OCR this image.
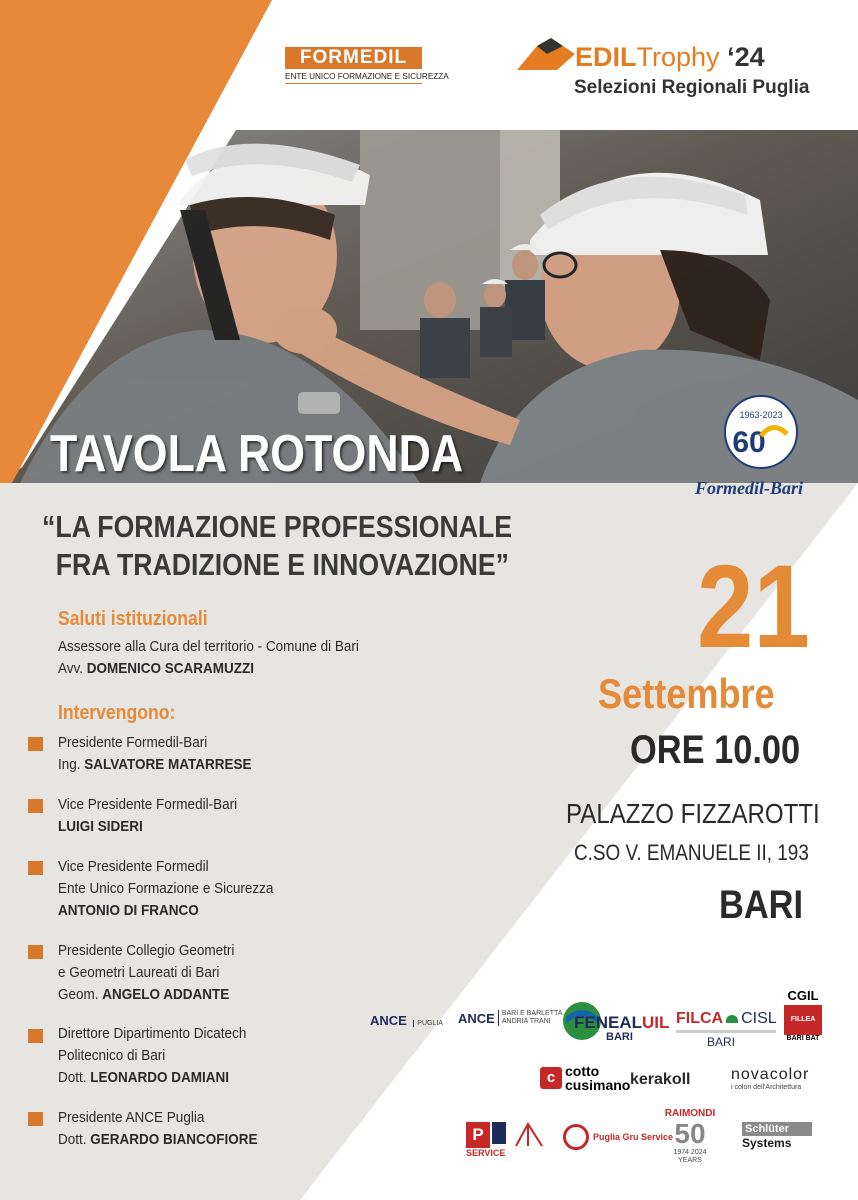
FORMEDIL
ENTE UNICO FORMAZIONE E SICUREZZA
EDILTrophy ‘24
Selezioni Regionali Puglia
1963-2023
60
Formedil-Bari
TAVOLA ROTONDA
“LA FORMAZIONE PROFESSIONALE
FRA TRADIZIONE E INNOVAZIONE”
Saluti istituzionali
Assessore alla Cura del territorio - Comune di Bari
Avv. DOMENICO SCARAMUZZI
Intervengono:
Presidente Formedil-Bari
Ing. SALVATORE MATARRESE
Vice Presidente Formedil-Bari
LUIGI SIDERI
Vice Presidente Formedil
Ente Unico Formazione e Sicurezza
ANTONIO DI FRANCO
Presidente Collegio Geometri
e Geometri Laureati di Bari
Geom. ANGELO ADDANTE
Direttore Dipartimento Dicatech
Politecnico di Bari
Dott. LEONARDO DAMIANI
Presidente ANCE Puglia
Dott. GERARDO BIANCOFIORE
21
Settembre
ORE 10.00
PALAZZO FIZZAROTTI
C.SO V. EMANUELE II, 193
BARI
ANCE PUGLIA ANCE BARI E BARLETTA
ANDRIA TRANI	FENEALUIL
BARI
FILCA CISL
BARI
CGIL
FILLEA
BARI BAT
c cotto
cusimano kerakoll	novacolor
i colori dell'Architettura
P
SERVICE
Puglia Gru Service
RAIMONDI
50
1974 2024
YEARS
Schlüter
Systems
